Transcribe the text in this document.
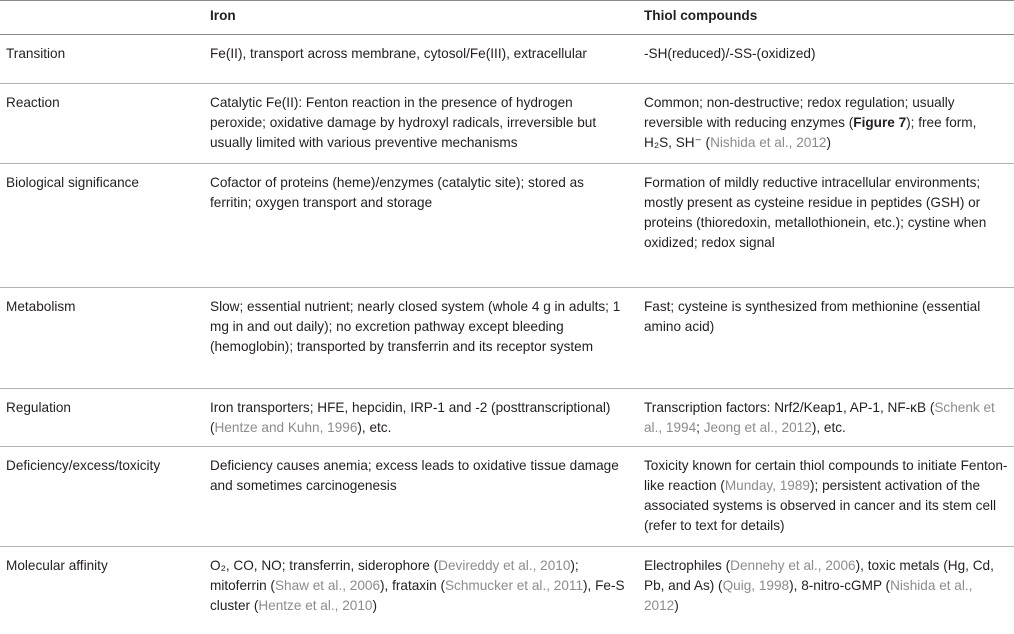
	Iron	Thiol compounds
Transition	Fe(II), transport across membrane, cytosol/Fe(III), extracellular	-SH(reduced)/-SS-(oxidized)
Reaction	Catalytic Fe(II): Fenton reaction in the presence of hydrogen peroxide; oxidative damage by hydroxyl radicals, irreversible but usually limited with various preventive mechanisms	Common; non-destructive; redox regulation; usually reversible with reducing enzymes (Figure 7); free form, H₂S, SH⁻ (Nishida et al., 2012)
Biological significance	Cofactor of proteins (heme)/enzymes (catalytic site); stored as ferritin; oxygen transport and storage	Formation of mildly reductive intracellular environments; mostly present as cysteine residue in peptides (GSH) or proteins (thioredoxin, metallothionein, etc.); cystine when oxidized; redox signal
Metabolism	Slow; essential nutrient; nearly closed system (whole 4 g in adults; 1 mg in and out daily); no excretion pathway except bleeding (hemoglobin); transported by transferrin and its receptor system	Fast; cysteine is synthesized from methionine (essential amino acid)
Regulation	Iron transporters; HFE, hepcidin, IRP-1 and -2 (posttranscriptional) (Hentze and Kuhn, 1996), etc.	Transcription factors: Nrf2/Keap1, AP-1, NF-κB (Schenk et al., 1994; Jeong et al., 2012), etc.
Deficiency/excess/toxicity	Deficiency causes anemia; excess leads to oxidative tissue damage and sometimes carcinogenesis	Toxicity known for certain thiol compounds to initiate Fenton-like reaction (Munday, 1989); persistent activation of the associated systems is observed in cancer and its stem cell (refer to text for details)
Molecular affinity	O₂, CO, NO; transferrin, siderophore (Devireddy et al., 2010); mitoferrin (Shaw et al., 2006), frataxin (Schmucker et al., 2011), Fe-S cluster (Hentze et al., 2010)	Electrophiles (Dennehy et al., 2006), toxic metals (Hg, Cd, Pb, and As) (Quig, 1998), 8-nitro-cGMP (Nishida et al., 2012)
